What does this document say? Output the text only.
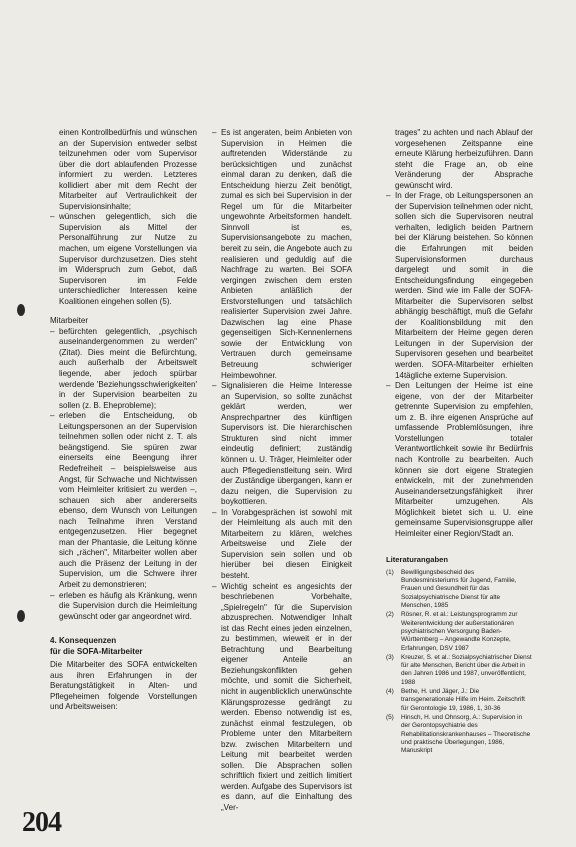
einen Kontrollbedürfnis und wünschen an der Supervision entweder selbst teilzunehmen oder vom Supervisor über die dort ablaufenden Prozesse informiert zu werden. Letzteres kollidiert aber mit dem Recht der Mitarbeiter auf Vertraulichkeit der Supervisionsinhalte;

– wünschen gelegentlich, sich die Supervision als Mittel der Personalführung zur Nutze zu machen, um eigene Vorstellungen via Supervisor durchzusetzen. Dies steht im Widerspruch zum Gebot, daß Supervisoren im Felde unterschiedlicher Interessen keine Koalitionen eingehen sollen (5).

Mitarbeiter

– befürchten gelegentlich, „psychisch auseinandergenommen zu werden" (Zitat). Dies meint die Befürchtung, auch außerhalb der Arbeitswelt liegende, aber jedoch spürbar werdende 'Beziehungsschwierigkeiten' in der Supervision bearbeiten zu sollen (z. B. Eheprobleme);
– erleben die Entscheidung, ob Leitungspersonen an der Supervision teilnehmen sollen oder nicht z. T. als beängstigend. Sie spüren zwar einerseits eine Beengung ihrer Redefreiheit – beispielsweise aus Angst, für Schwache und Nichtwissen vom Heimleiter kritisiert zu werden –, schauen sich aber andererseits ebenso, dem Wunsch von Leitungen nach Teilnahme ihren Verstand entgegenzusetzen. Hier begegnet man der Phantasie, die Leitung könne sich „rächen", Mitarbeiter wollen aber auch die Präsenz der Leitung in der Supervision, um die Schwere ihrer Arbeit zu demonstrieren;
– erleben es häufig als Kränkung, wenn die Supervision durch die Heimleitung gewünscht oder gar angeordnet wird.

4. Konsequenzen
für die SOFA-Mitarbeiter

Die Mitarbeiter des SOFA entwickelten aus ihren Erfahrungen in der Beratungstätigkeit in Alten- und Pflegeheimen folgende Vorstellungen und Arbeitsweisen:

– Es ist angeraten, beim Anbieten von Supervision in Heimen die auftretenden Widerstände zu berücksichtigen und zunächst einmal daran zu denken, daß die Entscheidung hierzu Zeit benötigt, zumal es sich bei Supervision in der Regel um für die Mitarbeiter ungewohnte Arbeitsformen handelt. Sinnvoll ist es, Supervisionsangebote zu machen, bereit zu sein, die Angebote auch zu realisieren und geduldig auf die Nachfrage zu warten. Bei SOFA vergingen zwischen dem ersten Anbieten anläßlich der Erstvorstellungen und tatsächlich realisierter Supervision zwei Jahre. Dazwischen lag eine Phase gegenseitigen Sich-Kennenlernens sowie der Entwicklung von Vertrauen durch gemeinsame Betreuung schwieriger Heimbewohner.
– Signalisieren die Heime Interesse an Supervision, so sollte zunächst geklärt werden, wer Ansprechpartner des künftigen Supervisors ist. Die hierarchischen Strukturen sind nicht immer eindeutig definiert; zuständig können u. U. Träger, Heimleiter oder auch Pflegedienstleitung sein. Wird der Zuständige übergangen, kann er dazu neigen, die Supervision zu boykottieren.
– In Vorabgesprächen ist sowohl mit der Heimleitung als auch mit den Mitarbeitern zu klären, welches Arbeitsweise und Ziele der Supervision sein sollen und ob hierüber bei diesen Einigkeit besteht.
– Wichtig scheint es angesichts der beschriebenen Vorbehalte, „Spielregeln" für die Supervision abzusprechen. Notwendiger Inhalt ist das Recht eines jeden einzelnen, zu bestimmen, wieweit er in der Betrachtung und Bearbeitung eigener Anteile an Beziehungskonflikten gehen möchte, und somit die Sicherheit, nicht in augenblicklich unerwünschte Klärungsprozesse gedrängt zu werden. Ebenso notwendig ist es, zunächst einmal festzulegen, ob Probleme unter den Mitarbeitern bzw. zwischen Mitarbeitern und Leitung mit bearbeitet werden sollen. Die Absprachen sollen schriftlich fixiert und zeitlich limitiert werden. Aufgabe des Supervisors ist es dann, auf die Einhaltung des „Ver-

trages" zu achten und nach Ablauf der vorgesehenen Zeitspanne eine erneute Klärung herbeizuführen. Dann steht die Frage an, ob eine Veränderung der Absprache gewünscht wird.

– In der Frage, ob Leitungspersonen an der Supervision teilnehmen oder nicht, sollen sich die Supervisoren neutral verhalten, lediglich beiden Partnern bei der Klärung beistehen. So können die Erfahrungen mit beiden Supervisionsformen durchaus dargelegt und somit in die Entscheidungsfindung eingegeben werden. Sind wie im Falle der SOFA-Mitarbeiter die Supervisoren selbst abhängig beschäftigt, muß die Gefahr der Koalitionsbildung mit den Mitarbeitern der Heime gegen deren Leitungen in der Supervision der Supervisoren gesehen und bearbeitet werden. SOFA-Mitarbeiter erhielten 14tägliche externe Supervision.
– Den Leitungen der Heime ist eine eigene, von der der Mitarbeiter getrennte Supervision zu empfehlen, um z. B. ihre eigenen Ansprüche auf umfassende Problemlösungen, ihre Vorstellungen totaler Verantwortlichkeit sowie ihr Bedürfnis nach Kontrolle zu bearbeiten. Auch können sie dort eigene Strategien entwickeln, mit der zunehmenden Auseinandersetzungsfähigkeit ihrer Mitarbeiter umzugehen. Als Möglichkeit bietet sich u. U. eine gemeinsame Supervisionsgruppe aller Heimleiter einer Region/Stadt an.

Literaturangaben

(1) Bewilligungsbescheid des Bundesministeriums für Jugend, Familie, Frauen und Gesundheit für das Sozialpsychiatrische Dienst für alte Menschen, 1985
(2) Rösner, R. et al.: Leistungsprogramm zur Weiterentwicklung der außerstationären psychiatrischen Versorgung Baden-Württemberg – Angewandte Konzepte, Erfahrungen, DSV 1987
(3) Kreuzer, S. et al.: Sozialpsychiatrischer Dienst für alte Menschen, Bericht über die Arbeit in den Jahren 1986 und 1987, unveröffentlicht, 1988
(4) Bethe, H. und Jäger, J.: Die transgenerationale Hilfe im Heim. Zeitschrift für Gerontologie 19, 1986, 1, 30-36
(5) Hinsch, H. und Ohnsorg, A.: Supervision in der Gerontopsychiatrie des Rehabilitationskrankenhauses – Theoretische und praktische Überlegungen, 1986, Manuskript
204
